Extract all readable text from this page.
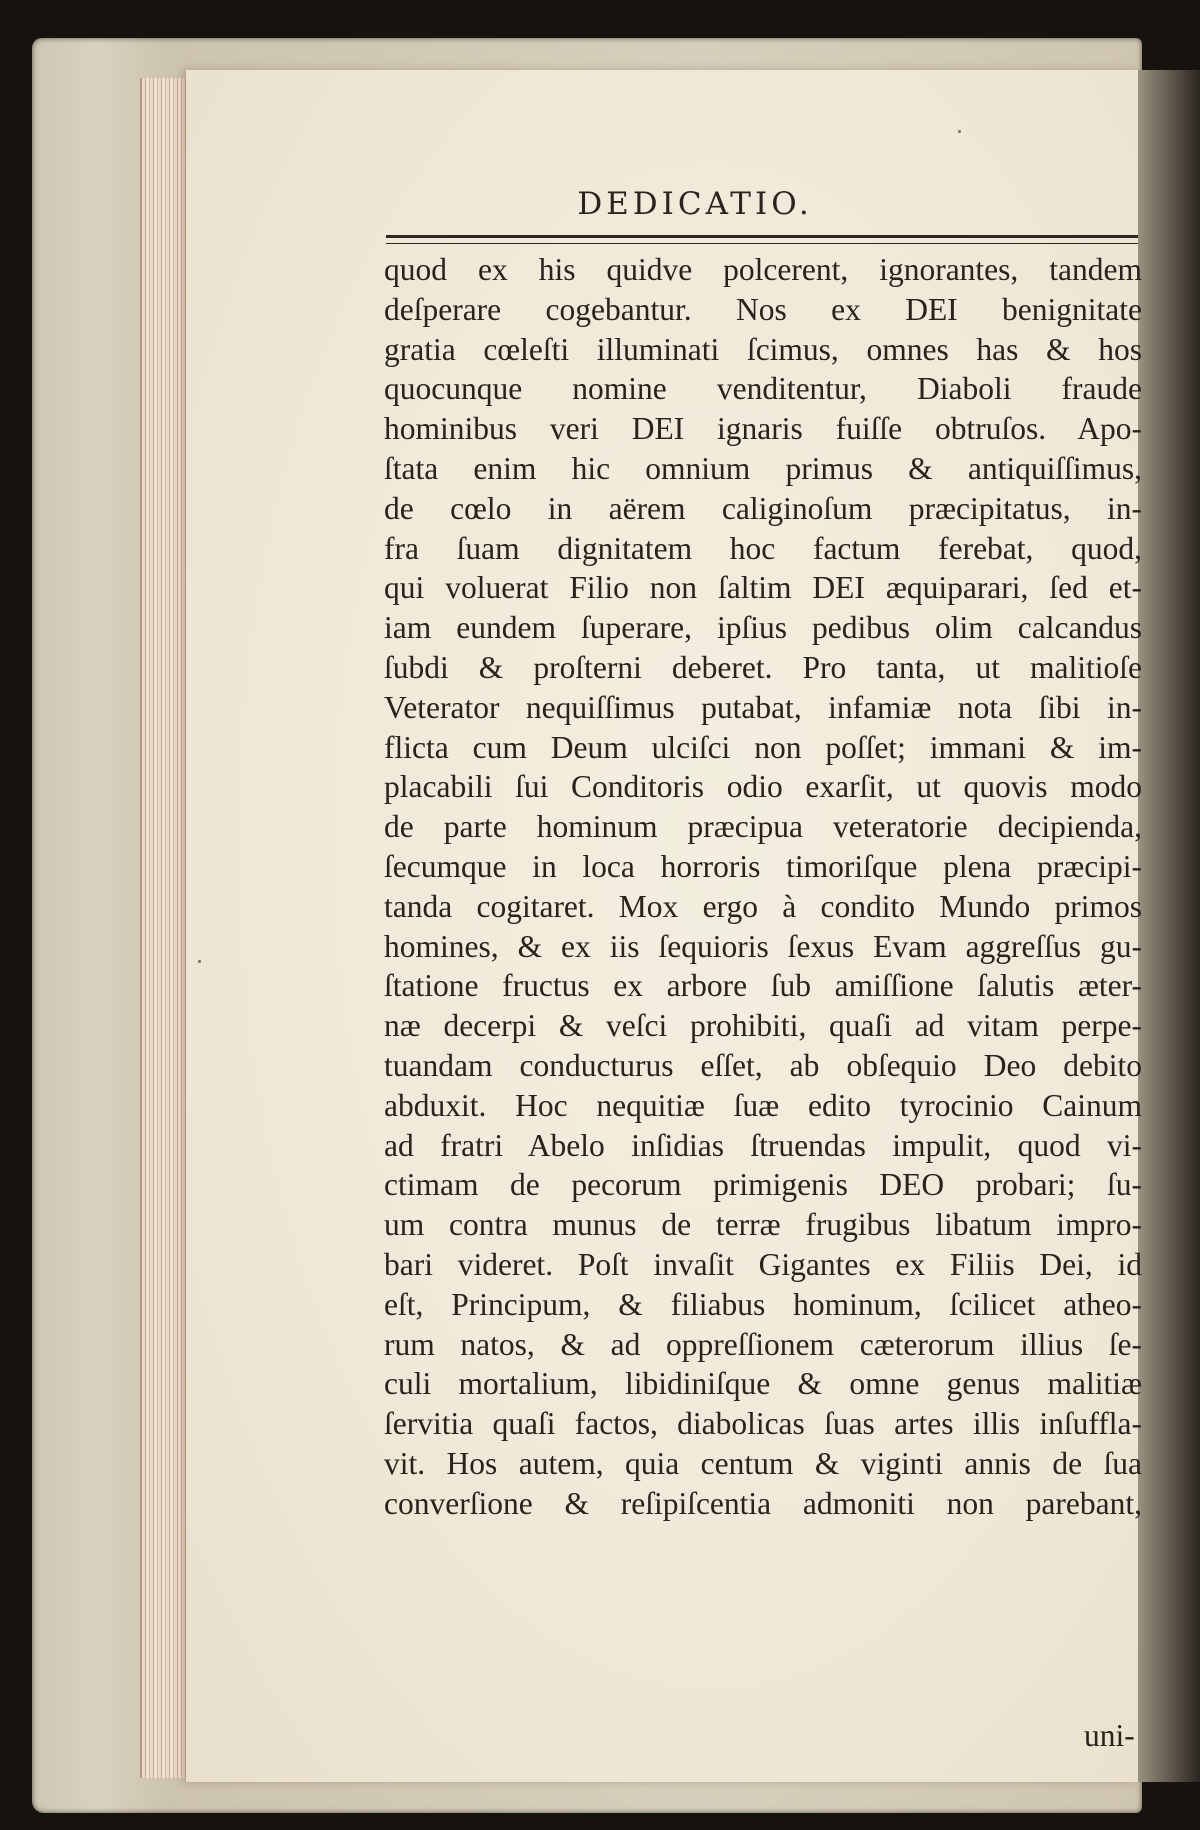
DEDICATIO.
quod ex his quidve polcerent, ignorantes, tandem
deſperare cogebantur. Nos ex DEI benignitate
gratia cœleſti illuminati ſcimus, omnes has & hos
quocunque nomine venditentur, Diaboli fraude
hominibus veri DEI ignaris fuiſſe obtruſos. Apo-
ſtata enim hic omnium primus & antiquiſſimus,
de cœlo in aërem caliginoſum præcipitatus, in-
fra ſuam dignitatem hoc factum ferebat, quod,
qui voluerat Filio non ſaltim DEI æquiparari, ſed et-
iam eundem ſuperare, ipſius pedibus olim calcandus
ſubdi & proſterni deberet. Pro tanta, ut malitioſe
Veterator nequiſſimus putabat, infamiæ nota ſibi in-
flicta cum Deum ulciſci non poſſet; immani & im-
placabili ſui Conditoris odio exarſit, ut quovis modo
de parte hominum præcipua veteratorie decipienda,
ſecumque in loca horroris timoriſque plena præcipi-
tanda cogitaret. Mox ergo à condito Mundo primos
homines, & ex iis ſequioris ſexus Evam aggreſſus gu-
ſtatione fructus ex arbore ſub amiſſione ſalutis æter-
næ decerpi & veſci prohibiti, quaſi ad vitam perpe-
tuandam conducturus eſſet, ab obſequio Deo debito
abduxit. Hoc nequitiæ ſuæ edito tyrocinio Cainum
ad fratri Abelo inſidias ſtruendas impulit, quod vi-
ctimam de pecorum primigenis DEO probari; ſu-
um contra munus de terræ frugibus libatum impro-
bari videret. Poſt invaſit Gigantes ex Filiis Dei, id
eſt, Principum, & filiabus hominum, ſcilicet atheo-
rum natos, & ad oppreſſionem cæterorum illius ſe-
culi mortalium, libidiniſque & omne genus malitiæ
ſervitia quaſi factos, diabolicas ſuas artes illis inſuffla-
vit. Hos autem, quia centum & viginti annis de ſua
converſione & reſipiſcentia admoniti non parebant,
uni-
